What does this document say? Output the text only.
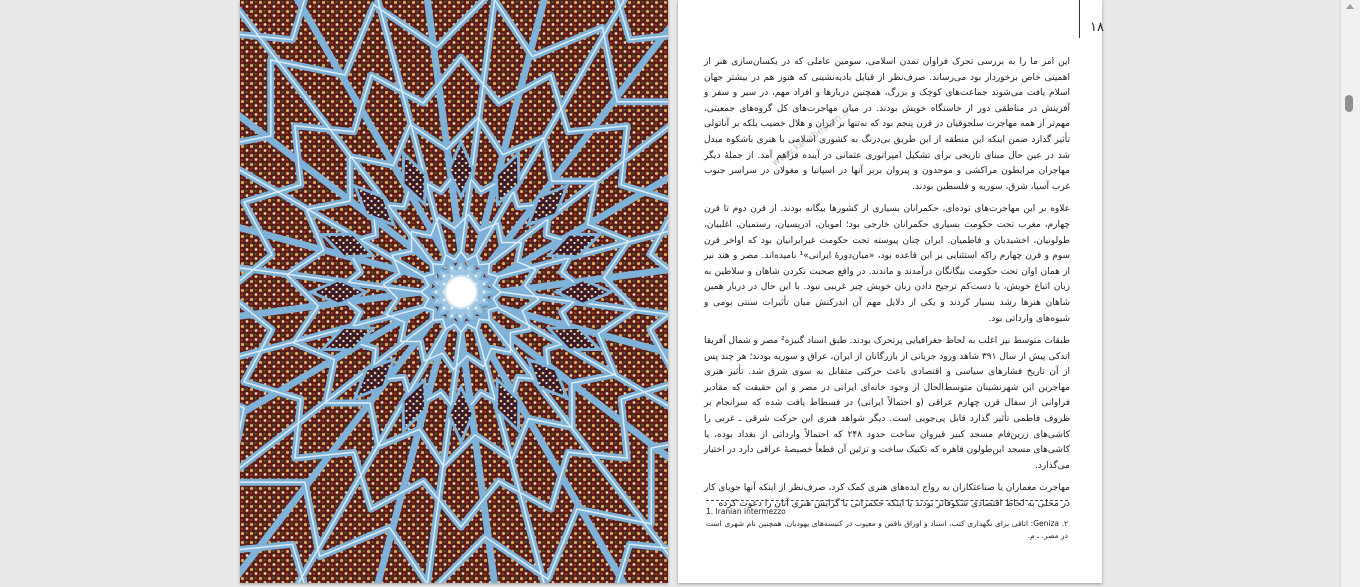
۱۸

این امر ما را به بررسی تحرک فراوان تمدن اسلامی، سومین عاملی که در یکسان‌سازی هنر از اهمیتی خاص برخوردار بود می‌رساند. صرف‌نظر از قبایل بادیه‌نشینی که هنوز هم در بیشتر جهان اسلام یافت می‌شوند جماعت‌های کوچک و بزرگ، همچنین دربارها و افراد مهم، در سیر و سفر و آفرینش در مناطقی دور از خاستگاه خویش بودند. در میان مهاجرت‌های کل گروه‌های جمعیتی، مهم‌تر از همه مهاجرت سلجوقیان در قرن پنجم بود که نه‌تنها بر ایران و هلال خضیب بلکه بر آناتولی تأثیر گذارد ضمن اینکه این منطقه از این طریق بی‌درنگ به کشوری اسلامی با هنری باشکوه مبدل شد در عین حال مبنای تاریخی برای تشکیل امپراتوری عثمانی در آینده فراهم آمد. از جملهٔ دیگر مهاجران مرابطون مراکشی و موحدون و پیروان بربر آنها در اسپانیا و مغولان در سراسر جنوب غرب آسیا، شرق، سوریه و فلسطین بودند.

علاوه بر این مهاجرت‌های توده‌ای، حکمرانان بسیاری از کشورها بیگانه بودند. از قرن دوم تا قرن چهارم، مغرب تحت حکومت بسیاری حکمرانان خارجی بود؛ امویان، ادریسیان، رستمیان، اغلبیان، طولونیان، اخشیدیان و فاطمیان. ایران چنان پیوسته تحت حکومت غیرایرانیان بود که اواخر قرن سوم و قرن چهارم راکه استثنایی بر این قاعده بود، «میان‌دورهٔ ایرانی»¹ نامیده‌اند. مصر و هند نیز از همان اوان تحت حکومت بیگانگان درآمدند و ماندند. در واقع صحبت نکردن شاهان و سلاطین به زبان اتباع خویش، یا دست‌کم ترجیح دادن زبان خویش چیز غریبی نبود. با این حال در دربار همین شاهان هنرها رشد بسیار کردند و یکی از دلایل مهم آن اندرکنش میان تأثیرات سنتی بومی و شیوه‌های وارداتی بود.

طبقات متوسط نیز اغلب به لحاظ جغرافیایی پرتحرک بودند. طبق اسناد گنیزه² مصر و شمال آفریقا اندکی پیش از سال ۳۹۱ شاهد ورود جریانی از بازرگانان از ایران، عراق و سوریه بودند؛ هر چند پس از آن تاریخ فشارهای سیاسی و اقتصادی باعث حرکتی متقابل به سوی شرق شد. تأثیر هنری مهاجرین این شهرنشینان متوسط‌الحال از وجود خانه‌ای ایرانی در مصر و این حقیقت که مقادیر فراوانی از سفال قرن چهارم عراقی (و احتمالاً ایرانی) در فسطاط یافت شده که سرانجام بر ظروف فاطمی تأثیر گذارد قابل پی‌جویی است. دیگر شواهد هنری این حرکت شرقی ـ غربی را کاشی‌های زرین‌فام مسجد کبیر قیروان ساخت حدود ۲۴۸ که احتمالاً وارداتی از بغداد بوده، یا کاشی‌های مسجد ابن‌طولون قاهره که تکنیک ساخت و تزئین آن قطعاً خصیصهٔ عراقی دارد در اختیار می‌گذارد.

مهاجرت معماران یا صناعتکاران به رواج ایده‌های هنری کمک کرد، صرف‌نظر از اینکه آنها جویای کار در محلی به لحاظ اقتصادی شکوفاتر بودند یا اینکه حکمرانی با گرایش هنری آنان را دعوت کرده

www.ketabestan.ir
1. Iranian intermezzo
۲. Geniza: اتاقی برای نگهداری کتب، اسناد و اوراق ناقص و معیوب در کنیسه‌های یهودیان. همچنین نام شهری است در مصر. ـ م.
